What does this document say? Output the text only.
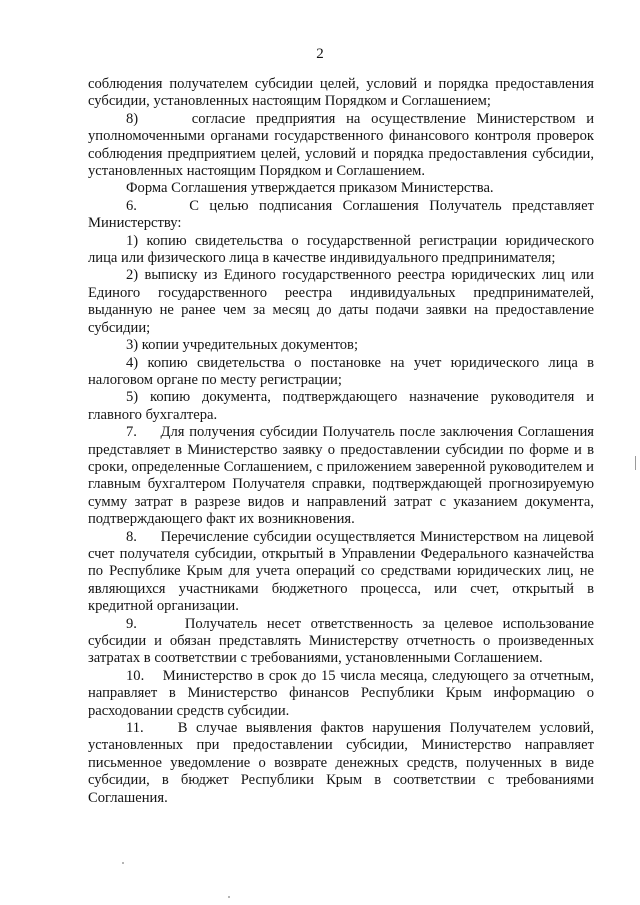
2

соблюдения получателем субсидии целей, условий и порядка предоставления субсидии, установленных настоящим Порядком и Соглашением;

8)     согласие предприятия на осуществление Министерством и уполномоченными органами государственного финансового контроля проверок соблюдения предприятием целей, условий и порядка предоставления субсидии, установленных настоящим Порядком и Соглашением.

Форма Соглашения утверждается приказом Министерства.

6.     С целью подписания Соглашения Получатель представляет Министерству:

1) копию свидетельства о государственной регистрации юридического лица или физического лица в качестве индивидуального предпринимателя;

2) выписку из Единого государственного реестра юридических лиц или Единого государственного реестра индивидуальных предпринимателей, выданную не ранее чем за месяц до даты подачи заявки на предоставление субсидии;

3) копии учредительных документов;

4) копию свидетельства о постановке на учет юридического лица в налоговом органе по месту регистрации;

5) копию документа, подтверждающего назначение руководителя и главного бухгалтера.

7.     Для получения субсидии Получатель после заключения Соглашения представляет в Министерство заявку о предоставлении субсидии по форме и в сроки, определенные Соглашением, с приложением заверенной руководителем и главным бухгалтером Получателя справки, подтверждающей прогнозируемую сумму затрат в разрезе видов и направлений затрат с указанием документа, подтверждающего факт их возникновения.

8.     Перечисление субсидии осуществляется Министерством на лицевой счет получателя субсидии, открытый в Управлении Федерального казначейства по Республике Крым для учета операций со средствами юридических лиц, не являющихся участниками бюджетного процесса, или счет, открытый в кредитной организации.

9.     Получатель несет ответственность за целевое использование субсидии и обязан представлять Министерству отчетность о произведенных затратах в соответствии с требованиями, установленными Соглашением.

10.    Министерство в срок до 15 числа месяца, следующего за отчетным, направляет в Министерство финансов Республики Крым информацию о расходовании средств субсидии.

11.    В случае выявления фактов нарушения Получателем условий, установленных при предоставлении субсидии, Министерство направляет письменное уведомление о возврате денежных средств, полученных в виде субсидии, в бюджет Республики Крым в соответствии с требованиями Соглашения.
